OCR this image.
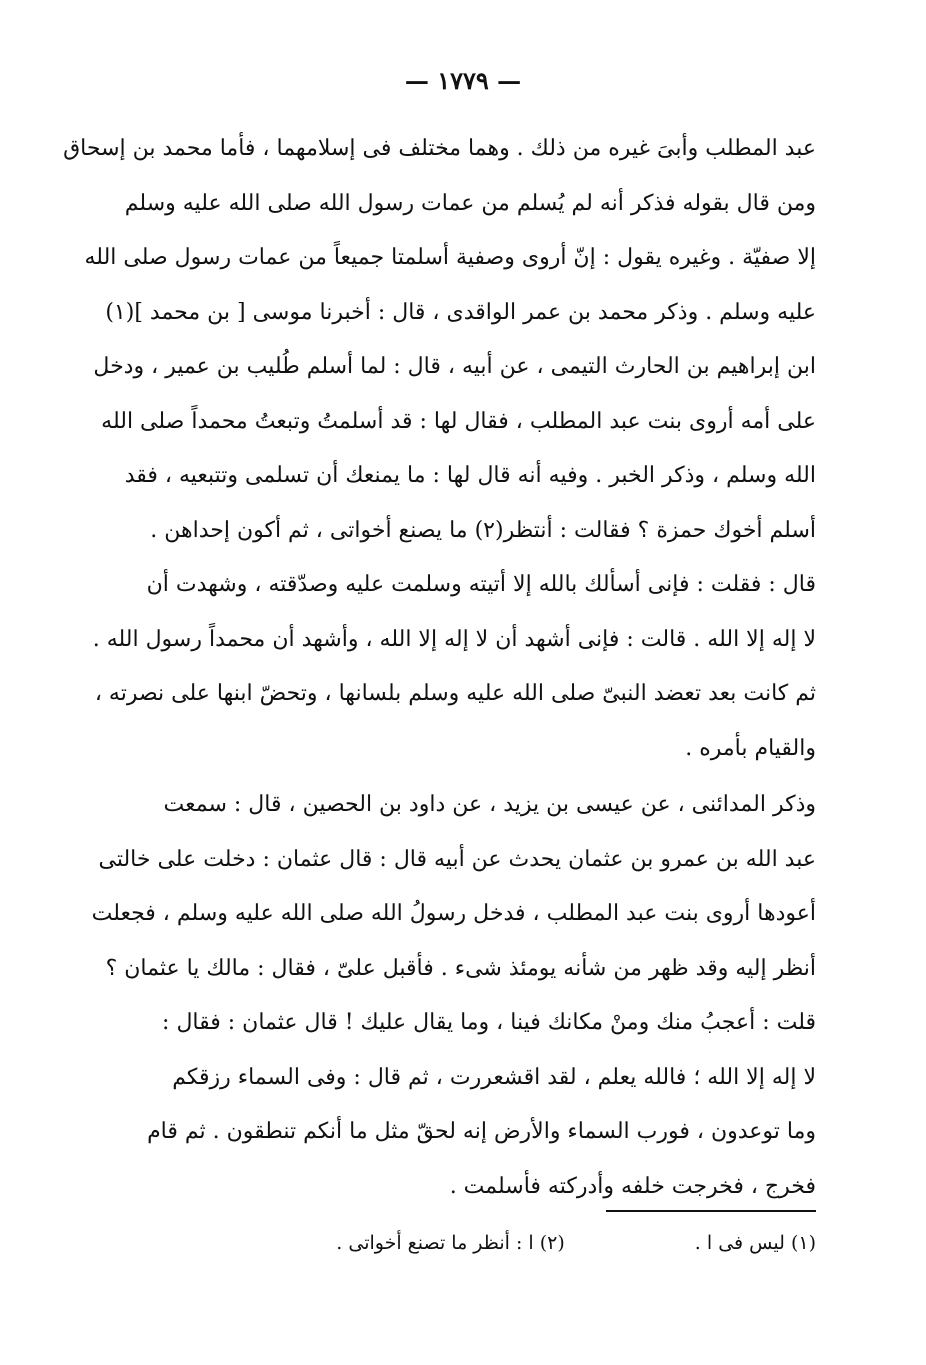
— ١٧٧٩ —
عبد المطلب وأبىَ غيره من ذلك . وهما مختلف فى إسلامهما ، فأما محمد بن إسحاق
ومن قال بقوله فذكر أنه لم يُسلم من عمات رسول الله صلى الله عليه وسلم
إلا صفيّة . وغيره يقول : إنّ أروى وصفية أسلمتا جميعاً من عمات رسول صلى الله
عليه وسلم . وذكر محمد بن عمر الواقدى ، قال : أخبرنا موسى [ بن محمد ](١)
ابن إبراهيم بن الحارث التيمى ، عن أبيه ، قال : لما أسلم طُليب بن عمير ، ودخل
على أمه أروى بنت عبد المطلب ، فقال لها : قد أسلمتُ وتبعتُ محمداً صلى الله
الله وسلم ، وذكر الخبر . وفيه أنه قال لها : ما يمنعك أن تسلمى وتتبعيه ، فقد
أسلم أخوك حمزة ؟ فقالت : أنتظر(٢) ما يصنع أخواتى ، ثم أكون إحداهن .
قال : فقلت : فإنى أسألك بالله إلا أتيته وسلمت عليه وصدّقته ، وشهدت أن
لا إله إلا الله . قالت : فإنى أشهد أن لا إله إلا الله ، وأشهد أن محمداً رسول الله .
ثم كانت بعد تعضد النبىّ صلى الله عليه وسلم بلسانها ، وتحضّ ابنها على نصرته ،
والقيام بأمره .
وذكر المدائنى ، عن عيسى بن يزيد ، عن داود بن الحصين ، قال : سمعت
عبد الله بن عمرو بن عثمان يحدث عن أبيه قال : قال عثمان : دخلت على خالتى
أعودها أروى بنت عبد المطلب ، فدخل رسولُ الله صلى الله عليه وسلم ، فجعلت
أنظر إليه وقد ظهر من شأنه يومئذ شىء . فأقبل علىّ ، فقال : مالك يا عثمان ؟
قلت : أعجبُ منك ومنْ مكانك فينا ، وما يقال عليك ! قال عثمان : فقال :
لا إله إلا الله ؛ فالله يعلم ، لقد اقشعررت ، ثم قال : وفى السماء رزقكم
وما توعدون ، فورب السماء والأرض إنه لحقّ مثل ما أنكم تنطقون . ثم قام
فخرج ، فخرجت خلفه وأدركته فأسلمت .
(١) ليس فى ا .
(٢) ا : أنظر ما تصنع أخواتى .
